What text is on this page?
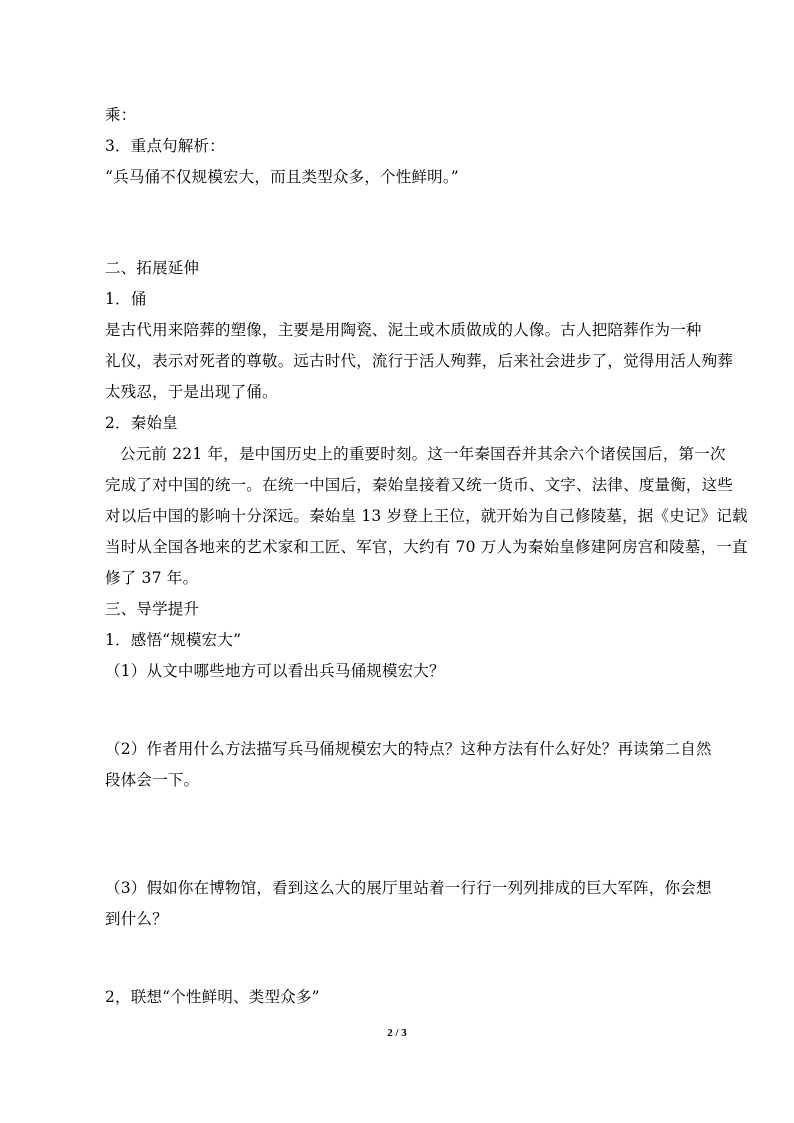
乘：
3．重点句解析：
“兵马俑不仅规模宏大，而且类型众多，个性鲜明。”
二、拓展延伸
1．俑
是古代用来陪葬的塑像，主要是用陶瓷、泥土或木质做成的人像。古人把陪葬作为一种
礼仪，表示对死者的尊敬。远古时代，流行于活人殉葬，后来社会进步了，觉得用活人殉葬
太残忍，于是出现了俑。
2．秦始皇
公元前 221 年，是中国历史上的重要时刻。这一年秦国吞并其余六个诸侯国后，第一次
完成了对中国的统一。在统一中国后，秦始皇接着又统一货币、文字、法律、度量衡，这些
对以后中国的影响十分深远。秦始皇 13 岁登上王位，就开始为自己修陵墓，据《史记》记载
当时从全国各地来的艺术家和工匠、军官，大约有 70 万人为秦始皇修建阿房宫和陵墓，一直
修了 37 年。
三、导学提升
1．感悟“规模宏大”
（1）从文中哪些地方可以看出兵马俑规模宏大？
（2）作者用什么方法描写兵马俑规模宏大的特点？这种方法有什么好处？再读第二自然
段体会一下。
（3）假如你在博物馆，看到这么大的展厅里站着一行行一列列排成的巨大军阵，你会想
到什么？
2，联想“个性鲜明、类型众多”
2 / 3
